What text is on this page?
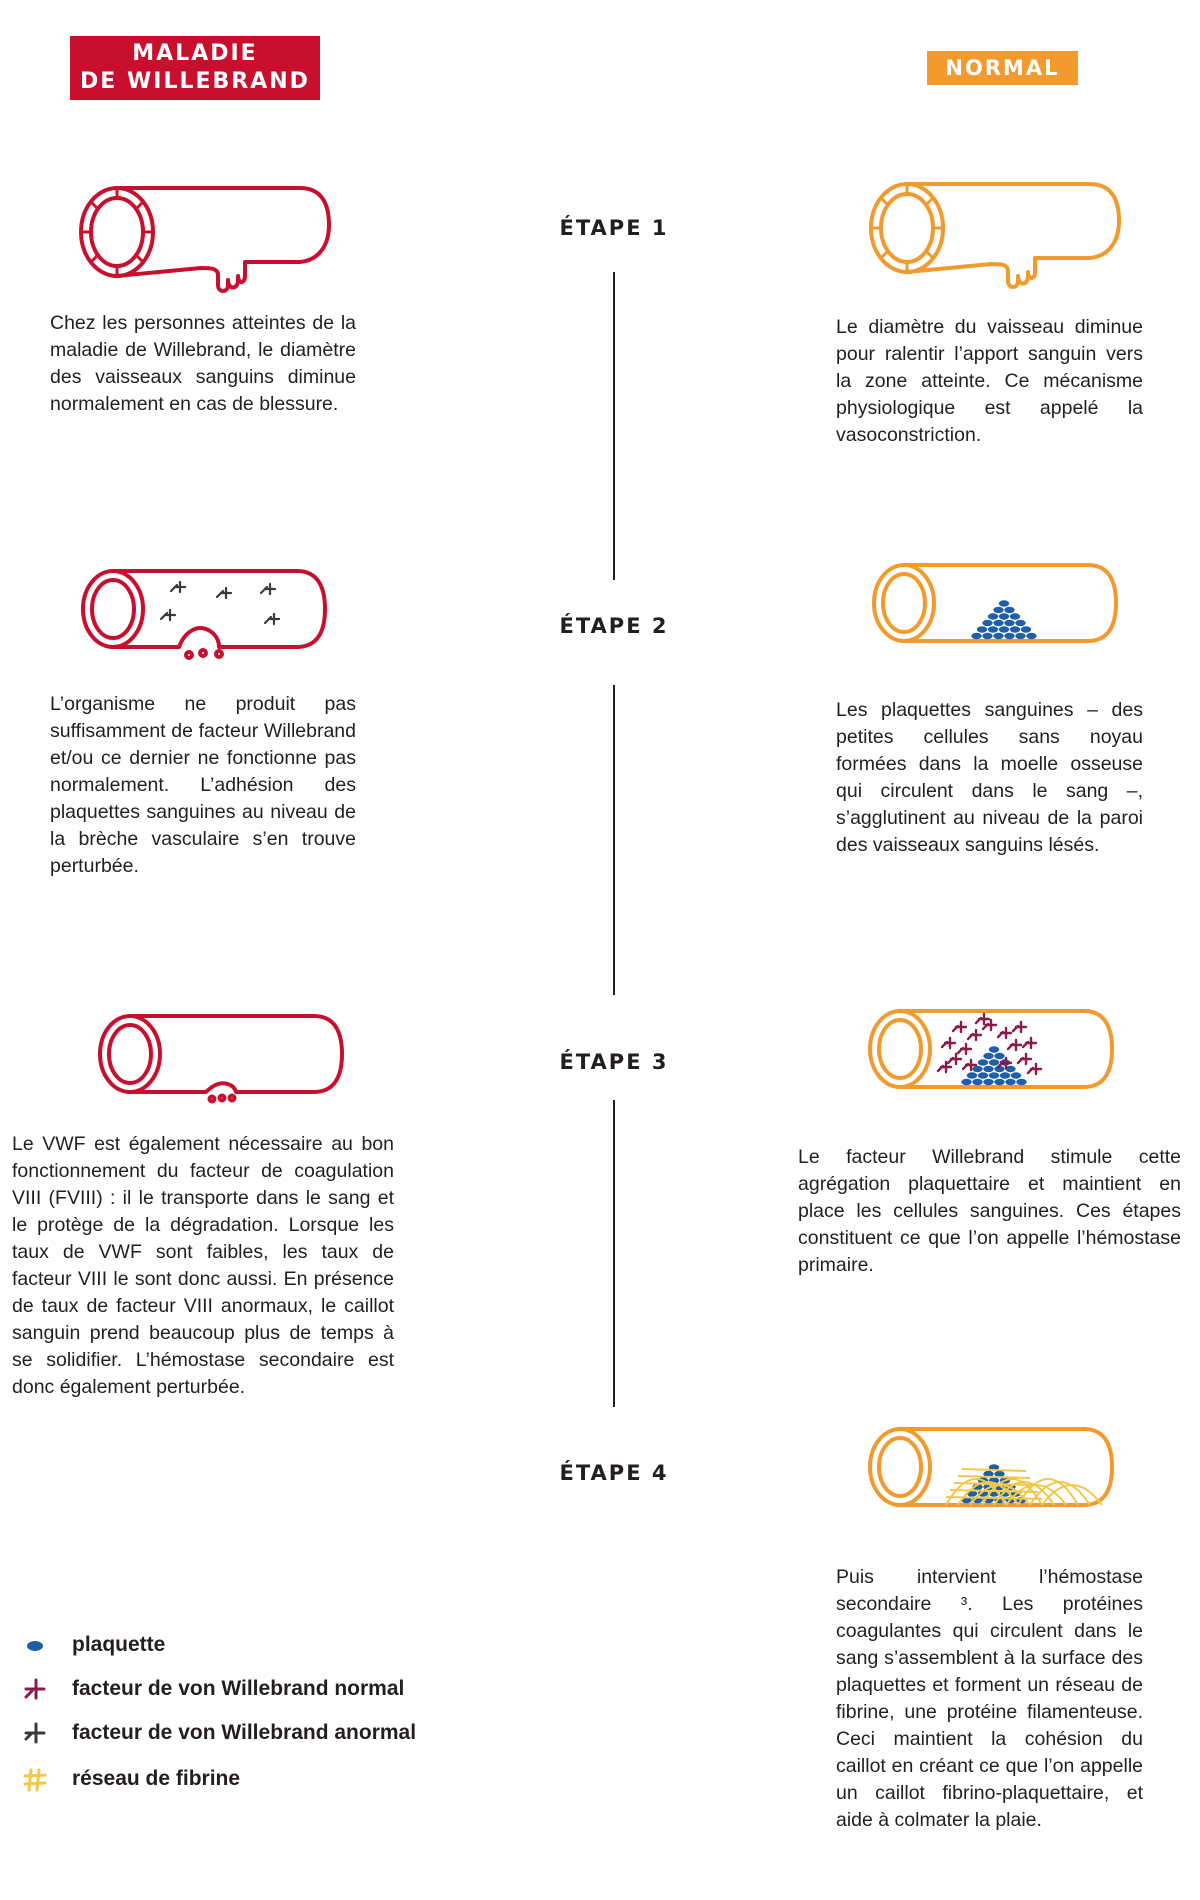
MALADIE
DE WILLEBRAND
NORMAL
ÉTAPE 1
ÉTAPE 2
ÉTAPE 3
ÉTAPE 4
Chez les personnes atteintes de la maladie de Willebrand, le diamètre des vaisseaux sanguins diminue normalement en cas de blessure.
Le diamètre du vaisseau diminue pour ralentir l’apport sanguin vers la zone atteinte. Ce mécanisme physiologique est appelé la vasoconstriction.
L’organisme ne produit pas suffisamment de facteur Willebrand et/ou ce dernier ne fonctionne pas normalement. L’adhésion des plaquettes sanguines au niveau de la brèche vasculaire s’en trouve perturbée.
Les plaquettes sanguines – des petites cellules sans noyau formées dans la moelle osseuse qui circulent dans le sang –, s’agglutinent au niveau de la paroi des vaisseaux sanguins lésés.
Le VWF est également nécessaire au bon fonctionnement du facteur de coagulation VIII (FVIII) : il le transporte dans le sang et le protège de la dégradation. Lorsque les taux de VWF sont faibles, les taux de facteur VIII le sont donc aussi. En présence de taux de facteur VIII anormaux, le caillot sanguin prend beaucoup plus de temps à se solidifier. L’hémostase secondaire est donc également perturbée.
Le facteur Willebrand stimule cette agrégation plaquettaire et maintient en place les cellules sanguines. Ces étapes constituent ce que l’on appelle l’hémostase primaire.
Puis intervient l’hémostase secondaire ³. Les protéines coagulantes qui circulent dans le sang s’assemblent à la surface des plaquettes et forment un réseau de fibrine, une protéine filamenteuse. Ceci maintient la cohésion du caillot en créant ce que l’on appelle un caillot fibrino-plaquettaire, et aide à colmater la plaie.
plaquette
facteur de von Willebrand normal
facteur de von Willebrand anormal
réseau de fibrine
